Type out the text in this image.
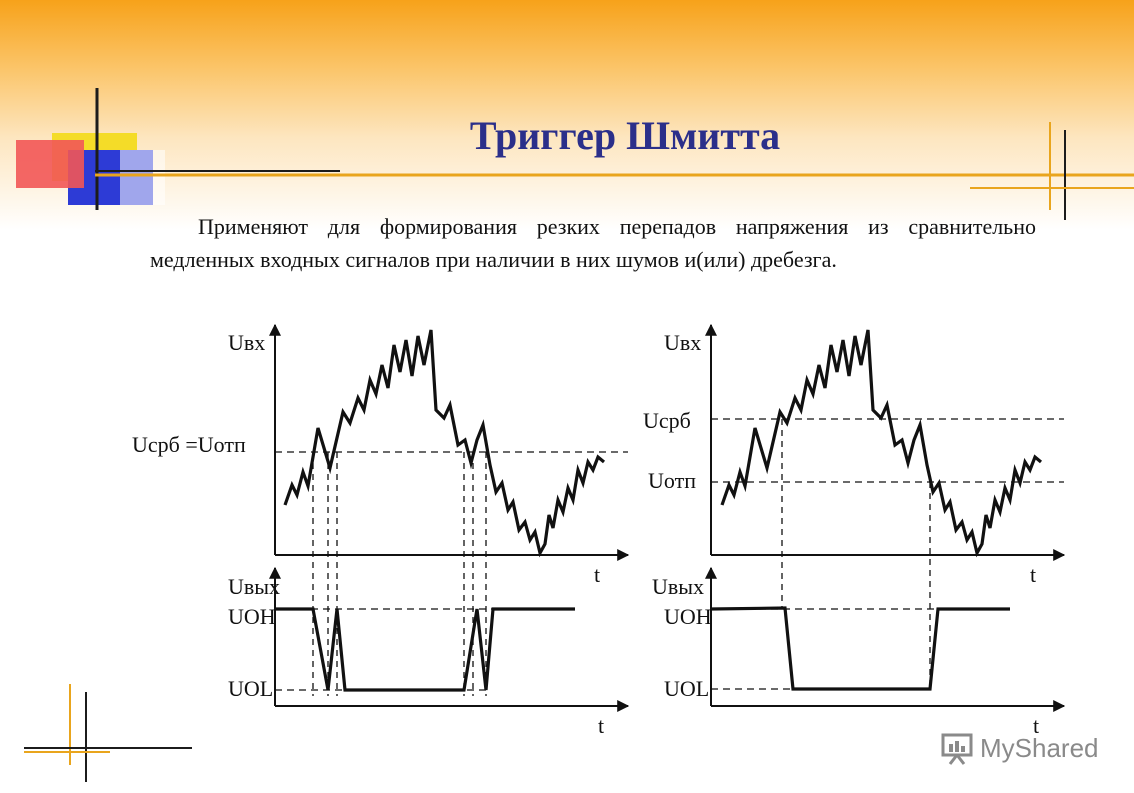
Триггер Шмитта
Применяют для формирования резких перепадов напряжения из сравнительно медленных входных сигналов при наличии в них шумов и(или) дребезга.
Uвх
Uсрб =Uотп
t
Uвых
UOH
UOL
t
Uвх
Uсрб
Uотп
t
Uвых
UOH
UOL
t
MyShared
